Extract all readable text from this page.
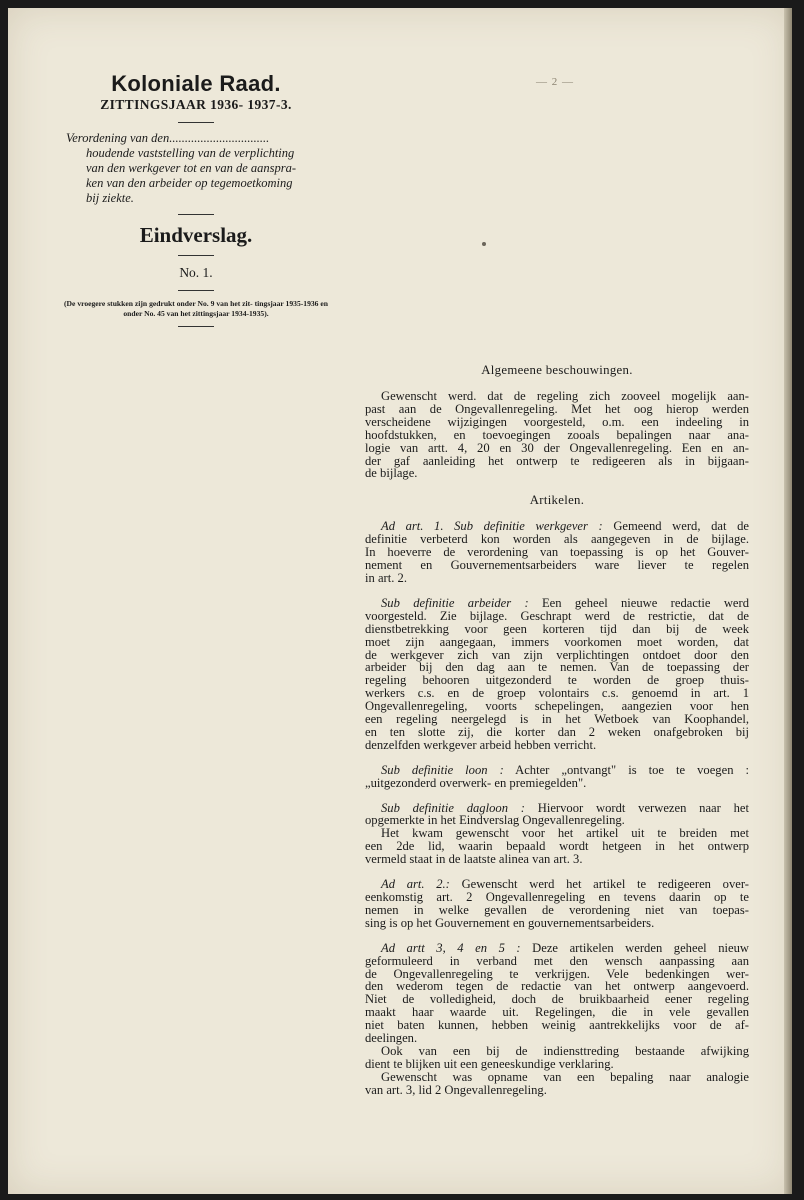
Koloniale Raad.

ZITTINGSJAAR 1936- 1937-3.

Verordening van den................................

houdende vaststelling van de verplichting
van den werkgever tot en van de aanspra-
ken van den arbeider op tegemoetkoming
bij ziekte.

Eindverslag.

No. 1.

(De vroegere stukken zijn gedrukt onder No. 9 van het zit- tingsjaar 1935-1936 en onder No. 45 van het zittingsjaar 1934-1935).

— 2 —

Algemeene beschouwingen.

Gewenscht werd. dat de regeling zich zooveel mogelijk aan-
past aan de Ongevallenregeling. Met het oog hierop werden
verscheidene wijzigingen voorgesteld, o.m. een indeeling in
hoofdstukken, en toevoegingen zooals bepalingen naar ana-
logie van artt. 4, 20 en 30 der Ongevallenregeling. Een en an-
der gaf aanleiding het ontwerp te redigeeren als in bijgaan-
de bijlage.

Artikelen.

Ad art. 1. Sub definitie werkgever : Gemeend werd, dat de
definitie verbeterd kon worden als aangegeven in de bijlage.
In hoeverre de verordening van toepassing is op het Gouver-
nement en Gouvernementsarbeiders ware liever te regelen
in art. 2.

Sub definitie arbeider : Een geheel nieuwe redactie werd
voorgesteld. Zie bijlage. Geschrapt werd de restrictie, dat de
dienstbetrekking voor geen korteren tijd dan bij de week
moet zijn aangegaan, immers voorkomen moet worden, dat
de werkgever zich van zijn verplichtingen ontdoet door den
arbeider bij den dag aan te nemen. Van de toepassing der
regeling behooren uitgezonderd te worden de groep thuis-
werkers c.s. en de groep volontairs c.s. genoemd in art. 1
Ongevallenregeling, voorts schepelingen, aangezien voor hen
een regeling neergelegd is in het Wetboek van Koophandel,
en ten slotte zij, die korter dan 2 weken onafgebroken bij
denzelfden werkgever arbeid hebben verricht.

Sub definitie loon : Achter „ontvangt" is toe te voegen :
„uitgezonderd overwerk- en premiegelden".

Sub definitie dagloon : Hiervoor wordt verwezen naar het
opgemerkte in het Eindverslag Ongevallenregeling.
Het kwam gewenscht voor het artikel uit te breiden met
een 2de lid, waarin bepaald wordt hetgeen in het ontwerp
vermeld staat in de laatste alinea van art. 3.

Ad art. 2.: Gewenscht werd het artikel te redigeeren over-
eenkomstig art. 2 Ongevallenregeling en tevens daarin op te
nemen in welke gevallen de verordening niet van toepas-
sing is op het Gouvernement en gouvernementsarbeiders.

Ad artt 3, 4 en 5 : Deze artikelen werden geheel nieuw
geformuleerd in verband met den wensch aanpassing aan
de Ongevallenregeling te verkrijgen. Vele bedenkingen wer-
den wederom tegen de redactie van het ontwerp aangevoerd.
Niet de volledigheid, doch de bruikbaarheid eener regeling
maakt haar waarde uit. Regelingen, die in vele gevallen
niet baten kunnen, hebben weinig aantrekkelijks voor de af-
deelingen.
Ook van een bij de indiensttreding bestaande afwijking
dient te blijken uit een geneeskundige verklaring.
Gewenscht was opname van een bepaling naar analogie
van art. 3, lid 2 Ongevallenregeling.
